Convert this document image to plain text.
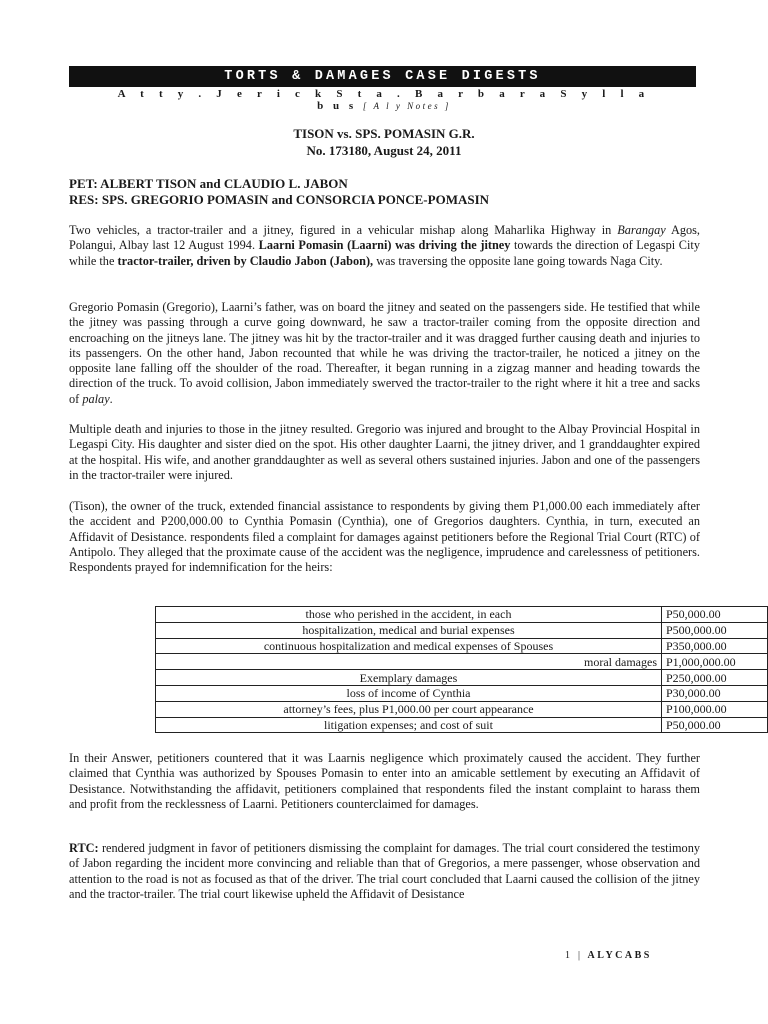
TORTS & DAMAGES CASE DIGESTS
A t t y . J e r i c k S t a . B a r b a r a S y l l a
b u s [ A l y Notes ]
TISON vs. SPS. POMASIN G.R.
No. 173180, August 24, 2011
PET: ALBERT TISON and CLAUDIO L. JABON
RES: SPS. GREGORIO POMASIN and CONSORCIA PONCE-POMASIN

Two vehicles, a tractor-trailer and a jitney, figured in a vehicular mishap along Maharlika Highway in Barangay Agos, Polangui, Albay last 12 August 1994. Laarni Pomasin (Laarni) was driving the jitney towards the direction of Legaspi City while the tractor-trailer, driven by Claudio Jabon (Jabon), was traversing the opposite lane going towards Naga City.

Gregorio Pomasin (Gregorio), Laarni’s father, was on board the jitney and seated on the passengers side. He testified that while the jitney was passing through a curve going downward, he saw a tractor-trailer coming from the opposite direction and encroaching on the jitneys lane. The jitney was hit by the tractor-trailer and it was dragged further causing death and injuries to its passengers. On the other hand, Jabon recounted that while he was driving the tractor-trailer, he noticed a jitney on the opposite lane falling off the shoulder of the road. Thereafter, it began running in a zigzag manner and heading towards the direction of the truck. To avoid collision, Jabon immediately swerved the tractor-trailer to the right where it hit a tree and sacks of palay.

Multiple death and injuries to those in the jitney resulted. Gregorio was injured and brought to the Albay Provincial Hospital in Legaspi City. His daughter and sister died on the spot. His other daughter Laarni, the jitney driver, and 1 granddaughter expired at the hospital. His wife, and another granddaughter as well as several others sustained injuries. Jabon and one of the passengers in the tractor-trailer were injured.

(Tison), the owner of the truck, extended financial assistance to respondents by giving them P1,000.00 each immediately after the accident and P200,000.00 to Cynthia Pomasin (Cynthia), one of Gregorios daughters. Cynthia, in turn, executed an Affidavit of Desistance. respondents filed a complaint for damages against petitioners before the Regional Trial Court (RTC) of Antipolo. They alleged that the proximate cause of the accident was the negligence, imprudence and carelessness of petitioners. Respondents prayed for indemnification for the heirs:

those who perished in the accident, in each	P50,000.00
hospitalization, medical and burial expenses	P500,000.00
continuous hospitalization and medical expenses of Spouses	P350,000.00
moral damages	P1,000,000.00
Exemplary damages	P250,000.00
loss of income of Cynthia	P30,000.00
attorney’s fees, plus P1,000.00 per court appearance	P100,000.00
litigation expenses; and cost of suit	P50,000.00

In their Answer, petitioners countered that it was Laarnis negligence which proximately caused the accident. They further claimed that Cynthia was authorized by Spouses Pomasin to enter into an amicable settlement by executing an Affidavit of Desistance. Notwithstanding the affidavit, petitioners complained that respondents filed the instant complaint to harass them and profit from the recklessness of Laarni. Petitioners counterclaimed for damages.

RTC: rendered judgment in favor of petitioners dismissing the complaint for damages. The trial court considered the testimony of Jabon regarding the incident more convincing and reliable than that of Gregorios, a mere passenger, whose observation and attention to the road is not as focused as that of the driver. The trial court concluded that Laarni caused the collision of the jitney and the tractor-trailer. The trial court likewise upheld the Affidavit of Desistance

1 | ALYCABS
